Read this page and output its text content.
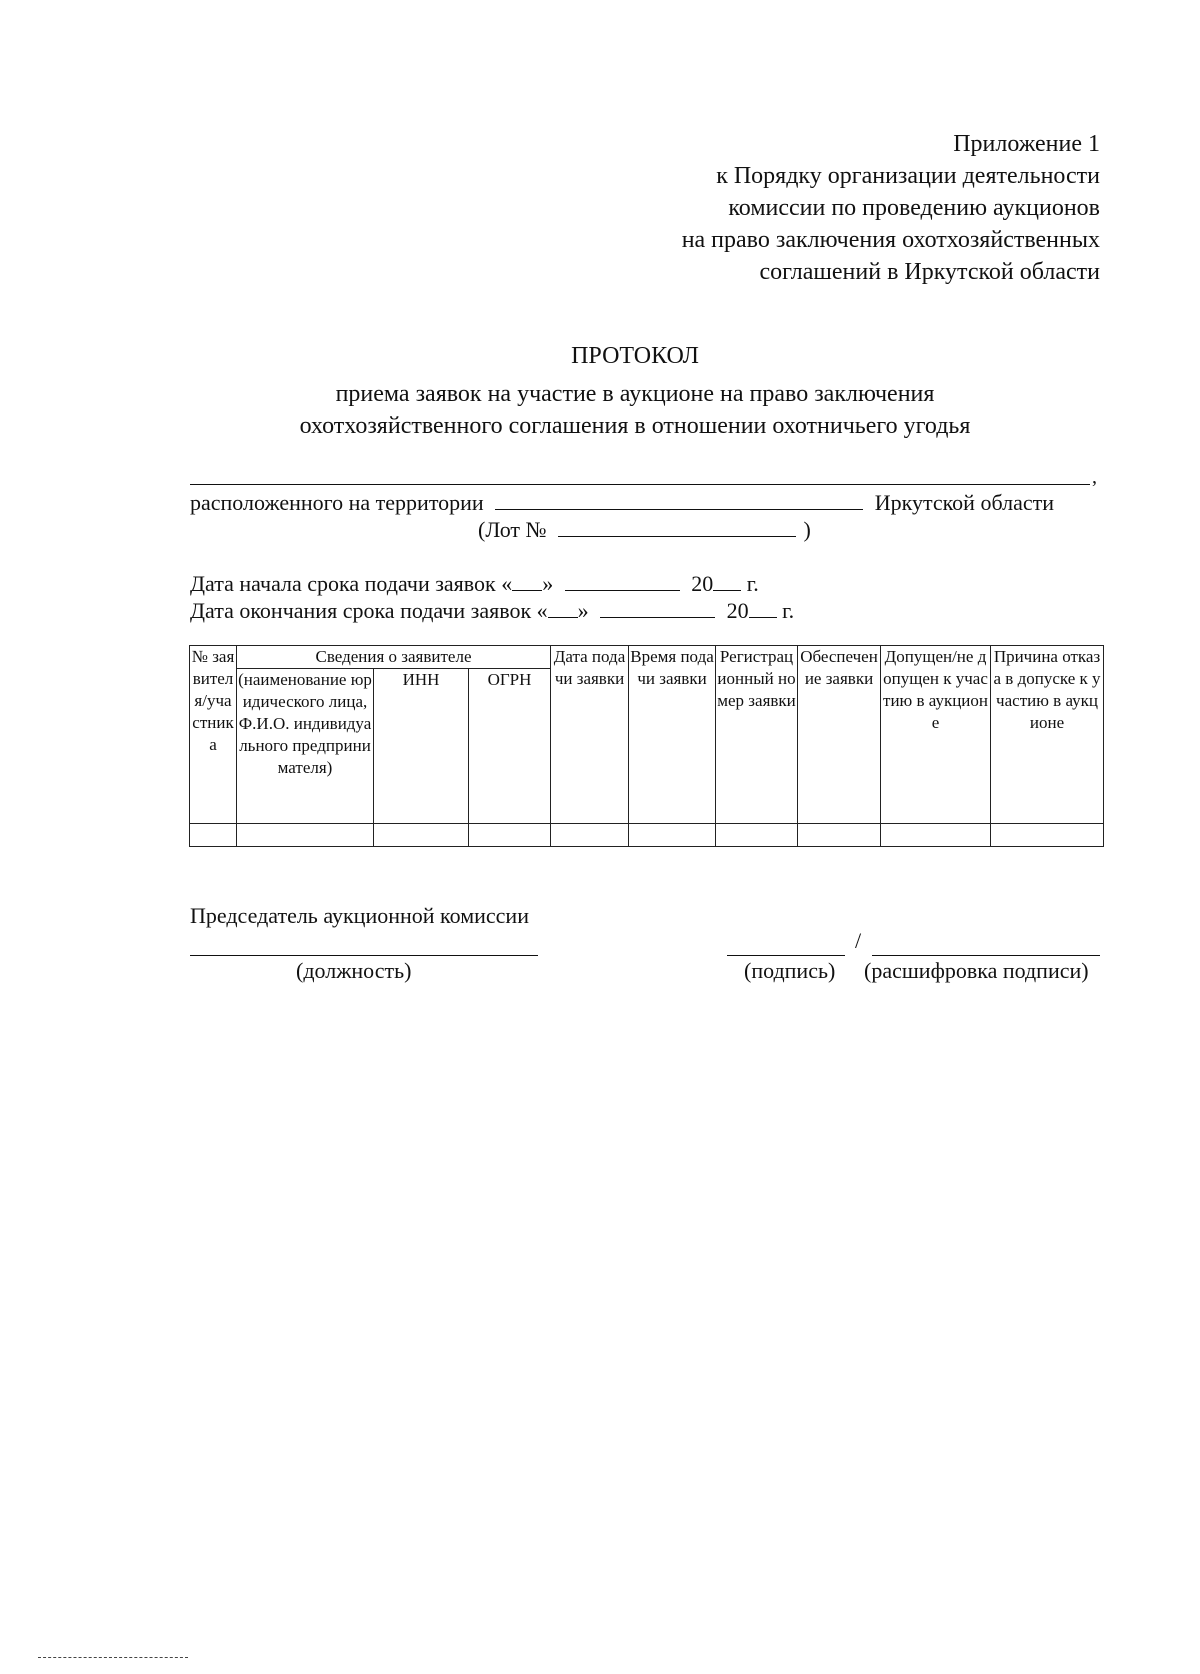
Приложение 1
к Порядку организации деятельности
комиссии по проведению аукционов
на право заключения охотхозяйственных
соглашений в Иркутской области
ПРОТОКОЛ
приема заявок на участие в аукционе на право заключения
охотхозяйственного соглашения в отношении охотничьего угодья
,
расположенного на территории	Иркутской области
(Лот №	)
Дата начала срока подачи заявок « »	20 г.
Дата окончания срока подачи заявок « »	20 г.
№ заявителя/участника	Сведения о заявителе			Дата подачи заявки	Время подачи заявки	Регистрационный номер заявки	Обеспечение заявки	Допущен/не допущен к участию в аукционе	Причина отказа в допуске к участию в аукционе
	(наименование юридического лица, Ф.И.О. индивидуального предпринимателя)	ИНН	ОГРН						

Председатель аукционной комиссии
(должность)
/
(подпись) (расшифровка подписи)
